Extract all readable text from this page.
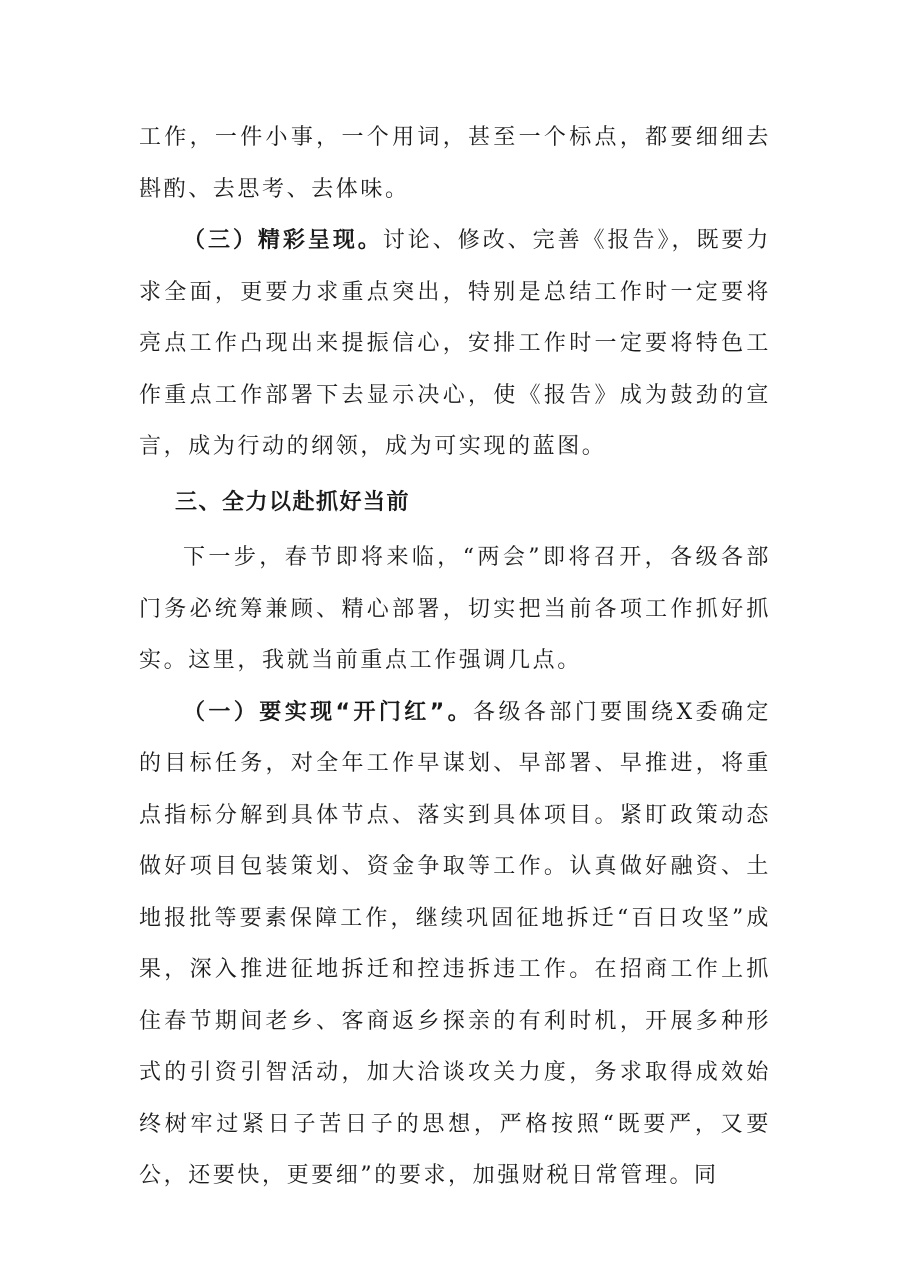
工作，一件小事，一个用词，甚至一个标点，都要细细去斟酌、去思考、去体味。

（三）精彩呈现。讨论、修改、完善《报告》，既要力求全面，更要力求重点突出，特别是总结工作时一定要将亮点工作凸现出来提振信心，安排工作时一定要将特色工作重点工作部署下去显示决心，使《报告》成为鼓劲的宣言，成为行动的纲领，成为可实现的蓝图。

三、全力以赴抓好当前

下一步，春节即将来临，“两会”即将召开，各级各部门务必统筹兼顾、精心部署，切实把当前各项工作抓好抓实。这里，我就当前重点工作强调几点。

（一）要实现“开门红”。各级各部门要围绕X委确定的目标任务，对全年工作早谋划、早部署、早推进，将重点指标分解到具体节点、落实到具体项目。紧盯政策动态做好项目包装策划、资金争取等工作。认真做好融资、土地报批等要素保障工作，继续巩固征地拆迁“百日攻坚”成果，深入推进征地拆迁和控违拆违工作。在招商工作上抓住春节期间老乡、客商返乡探亲的有利时机，开展多种形式的引资引智活动，加大洽谈攻关力度，务求取得成效始终树牢过紧日子苦日子的思想，严格按照“既要严，又要公，还要快，更要细”的要求，加强财税日常管理。同
